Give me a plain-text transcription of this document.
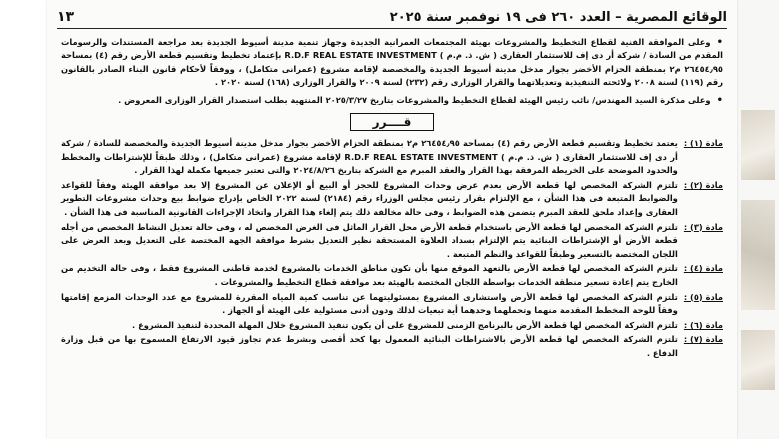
١٣	الوقائع المصرية – العدد ٢٦٠ فى ١٩ نوفمبر سنة ٢٠٢٥

•وعلى الموافقة الفنية لقطاع التخطيط والمشروعات بهيئة المجتمعات العمرانية الجديدة وجهاز تنمية مدينة أسيوط الجديدة بعد مراجعة المستندات والرسومات المقدم من السادة / شركة أر دى إف للاستثمار العقارى ( ش. ذ. م.م ) R.D.F REAL ESTATE INVESTMENT بإعتماد تخطيط وتقسيم قطعة الأرض رقم (٤) بمساحة ٢٦٤٥٤٫٩٥ م٢ بمنطقة الحزام الأخضر بجوار مدخل مدينة أسيوط الجديدة والمخصصة لإقامة مشروع (عمرانى متكامل) ، ووفقاً لأحكام قانون البناء الصادر بالقانون رقم (١١٩) لسنة ٢٠٠٨ ولائحته التنفيذية وتعديلاتهما والقرار الوزارى رقم (٢٣٢) لسنة ٢٠٠٩ والقرار الوزارى (١٦٨) لسنة ٢٠٢٠ .

•وعلى مذكرة السيد المهندس/ نائب رئيس الهيئة لقطاع التخطيط والمشروعات بتاريخ ٢٠٢٥/٣/٢٧ المنتهية بطلب استصدار القرار الوزارى المعروض .

قــــرر
مادة (١) :
يعتمد تخطيط وتقسيم قطعة الأرض رقم (٤) بمساحة ٢٦٤٥٤٫٩٥ م٢ بمنطقة الحزام الأخضر بجوار مدخل مدينة أسيوط الجديدة والمخصصة للسادة / شركة أر دى إف للاستثمار العقارى ( ش. ذ. م.م ) R.D.F REAL ESTATE INVESTMENT لإقامة مشروع (عمرانى متكامل) ، وذلك طبقاً للإشتراطات والمخطط والحدود الموضحة على الخريطة المرفقة بهذا القرار والعقد المبرم مع الشركة بتاريخ ٢٠٢٤/٨/٢٦ والتى تعتبر جميعها مكملة لهذا القرار .
مادة (٢) :
تلتزم الشركة المخصص لها قطعة الأرض بعدم عرض وحدات المشروع للحجز أو البيع أو الإعلان عن المشروع إلا بعد موافقة الهيئة وفقاً للقواعد والضوابط المتبعة فى هذا الشأن ، مع الإلتزام بقرار رئيس مجلس الوزراء رقم (٢١٨٤) لسنة ٢٠٢٢ الخاص بإدراج ضوابط بيع وحدات مشروعات التطوير العقارى وإعداد ملحق للعقد المبرم يتضمن هذه الضوابط ، وفى حالة مخالفة ذلك يتم إلغاء هذا القرار واتخاذ الإجراءات القانونية المناسبة فى هذا الشأن .
مادة (٣) :
تلتزم الشركة المخصص لها قطعة الأرض باستخدام قطعة الأرض محل القرار الماثل فى الغرض المخصص له ، وفى حالة تعديل النشاط المخصص من أجله قطعة الأرض أو الإشتراطات البنائية يتم الإلتزام بسداد العلاوة المستحقة نظير التعديل بشرط موافقة الجهة المختصة على التعديل وبعد العرض على اللجان المختصة بالتسعير وطبقاً للقواعد والنظم المتبعة .
مادة (٤) :
تلتزم الشركة المخصص لها قطعة الأرض بالتعهد الموقع منها بأن تكون مناطق الخدمات بالمشروع لخدمة قاطنى المشروع فقط ، وفى حالة التخديم من الخارج يتم إعادة تسعير منطقة الخدمات بواسطة اللجان المختصة بالهيئة بعد موافقة قطاع التخطيط والمشروعات .
مادة (٥) :
تلتزم الشركة المخصص لها قطعة الأرض واستشارى المشروع بمسئوليتهما عن تناسب كمية المياه المقررة للمشروع مع عدد الوحدات المزمع إقامتها وفقاً للوحة المخطط المقدمة منهما وتحملهما وحدهما أية تبعيات لذلك ودون أدنى مسئولية على الهيئة أو الجهاز .
مادة (٦) :
تلتزم الشركة المخصص لها قطعة الأرض بالبرنامج الزمنى للمشروع على أن يكون تنفيذ المشروع خلال المهلة المحددة لتنفيذ المشروع .
مادة (٧) :
تلتزم الشركة المخصص لها قطعة الأرض بالاشتراطات البنائية المعمول بها كحد أقصى وبشرط عدم تجاوز قيود الارتفاع المسموح بها من قبل وزارة الدفاع .
